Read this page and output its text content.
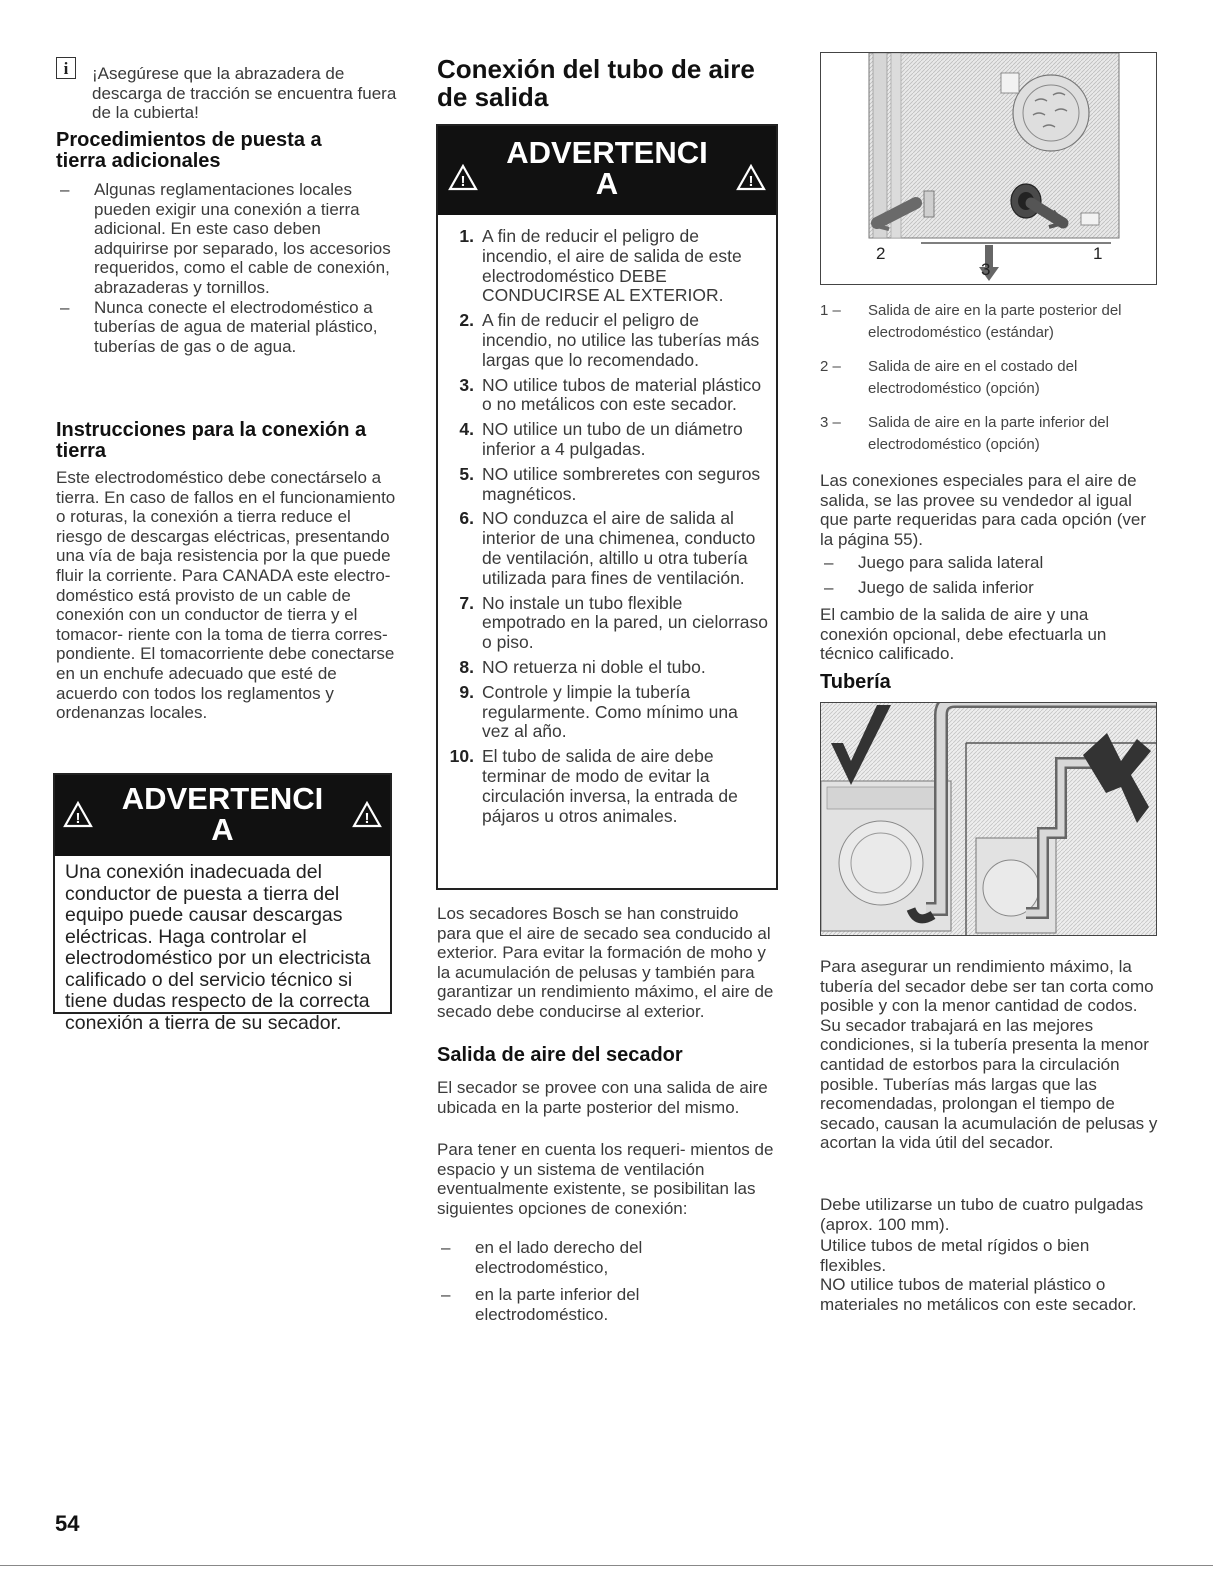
i	¡Asegúrese que la abrazadera de descarga de tracción se encuentra fuera de la cubierta!
Procedimientos de puesta a tierra adicionales
– Algunas reglamentaciones locales pueden exigir una conexión a tierra adicional. En este caso deben adquirirse por separado, los accesorios requeridos, como el cable de conexión, abrazaderas y tornillos.
– Nunca conecte el electrodoméstico a tuberías de agua de material plástico, tuberías de gas o de agua.
Instrucciones para la conexión a tierra
Este electrodoméstico debe conectárselo a tierra. En caso de fallos en el funcionamiento o roturas, la conexión a tierra reduce el riesgo de descargas eléctricas, presentando una vía de baja resistencia por la que puede fluir la corriente. Para CANADA este electro- doméstico está provisto de un cable de conexión con un conductor de tierra y el tomacor- riente con la toma de tierra corres- pondiente. El tomacorriente debe conectarse en un enchufe adecuado que esté de acuerdo con todos los reglamentos y ordenanzas locales.
!
ADVERTENCI
A	!
Una conexión inadecuada del conductor de puesta a tierra del equipo puede causar descargas eléctricas. Haga controlar el electrodoméstico por un electricista calificado o del servicio técnico si tiene dudas respecto de la correcta conexión a tierra de su secador.
Conexión del tubo de aire de salida
!
ADVERTENCI
A	!
1. A fin de reducir el peligro de incendio, el aire de salida de este electrodoméstico DEBE CONDUCIRSE AL EXTERIOR.
2. A fin de reducir el peligro de incendio, no utilice las tuberías más largas que lo recomendado.
3. NO utilice tubos de material plástico o no metálicos con este secador.
4. NO utilice un tubo de un diámetro inferior a 4 pulgadas.
5. NO utilice sombreretes con seguros magnéticos.
6. NO conduzca el aire de salida al interior de una chimenea, conducto de ventilación, altillo u otra tubería utilizada para fines de ventilación.
7. No instale un tubo flexible empotrado en la pared, un cielorraso o piso.
8. NO retuerza ni doble el tubo.
9. Controle y limpie la tubería regularmente. Como mínimo una vez al año.
10. El tubo de salida de aire debe terminar de modo de evitar la circulación inversa, la entrada de pájaros u otros animales.
Los secadores Bosch se han construido para que el aire de secado sea conducido al exterior. Para evitar la formación de moho y la acumulación de pelusas y también para garantizar un rendimiento máximo, el aire de secado debe conducirse al exterior.
Salida de aire del secador
El secador se provee con una salida de aire ubicada en la parte posterior del mismo.
Para tener en cuenta los requeri- mientos de espacio y un sistema de ventilación eventualmente existente, se posibilitan las siguientes opciones de conexión:
– en el lado derecho del electrodoméstico,
– en la parte inferior del electrodoméstico.
2
3
1
1 – Salida de aire en la parte posterior del electrodoméstico (estándar)
2 – Salida de aire en el costado del electrodoméstico (opción)
3 – Salida de aire en la parte inferior del electrodoméstico (opción)
Las conexiones especiales para el aire de salida, se las provee su vendedor al igual que parte requeridas para cada opción (ver la página 55).
– Juego para salida lateral
– Juego de salida inferior
El cambio de la salida de aire y una conexión opcional, debe efectuarla un técnico calificado.
Tubería
Para asegurar un rendimiento máximo, la tubería del secador debe ser tan corta como posible y con la menor cantidad de codos. Su secador trabajará en las mejores condiciones, si la tubería presenta la menor cantidad de estorbos para la circulación posible. Tuberías más largas que las recomendadas, prolongan el tiempo de secado, causan la acumulación de pelusas y acortan la vida útil del secador.
Debe utilizarse un tubo de cuatro pulgadas (aprox. 100 mm).
Utilice tubos de metal rígidos o bien flexibles.
NO utilice tubos de material plástico o materiales no metálicos con este secador.
54
